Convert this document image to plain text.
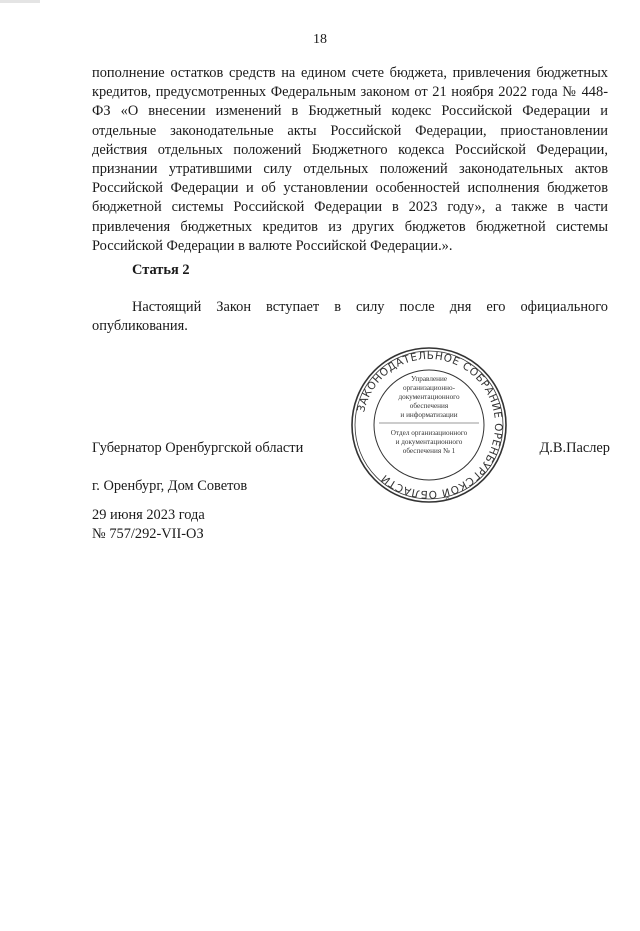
18

пополнение остатков средств на едином счете бюджета, привлечения бюджетных кредитов, предусмотренных Федеральным законом от 21 ноября 2022 года № 448-ФЗ «О внесении изменений в Бюджетный кодекс Российской Федерации и отдельные законодательные акты Российской Федерации, приостановлении действия отдельных положений Бюджетного кодекса Российской Федерации, признании утратившими силу отдельных положений законодательных актов Российской Федерации и об установлении особенностей исполнения бюджетов бюджетной системы Российской Федерации в 2023 году», а также в части привлечения бюджетных кредитов из других бюджетов бюджетной системы Российской Федерации в валюте Российской Федерации.».

Статья 2
Настоящий Закон вступает в силу после дня его официального опубликования.
ЗАКОНОДАТЕЛЬНОЕ СОБРАНИЕ ОРЕНБУРГСКОЙ ОБЛАСТИ
Управление
организационно-
документационного
обеспечения
и информатизации
Отдел организационного
и документационного
обеспечения № 1
Губернатор Оренбургской области	Д.В.Паслер
г. Оренбург, Дом Советов
29 июня 2023 года
№ 757/292-VII-ОЗ
